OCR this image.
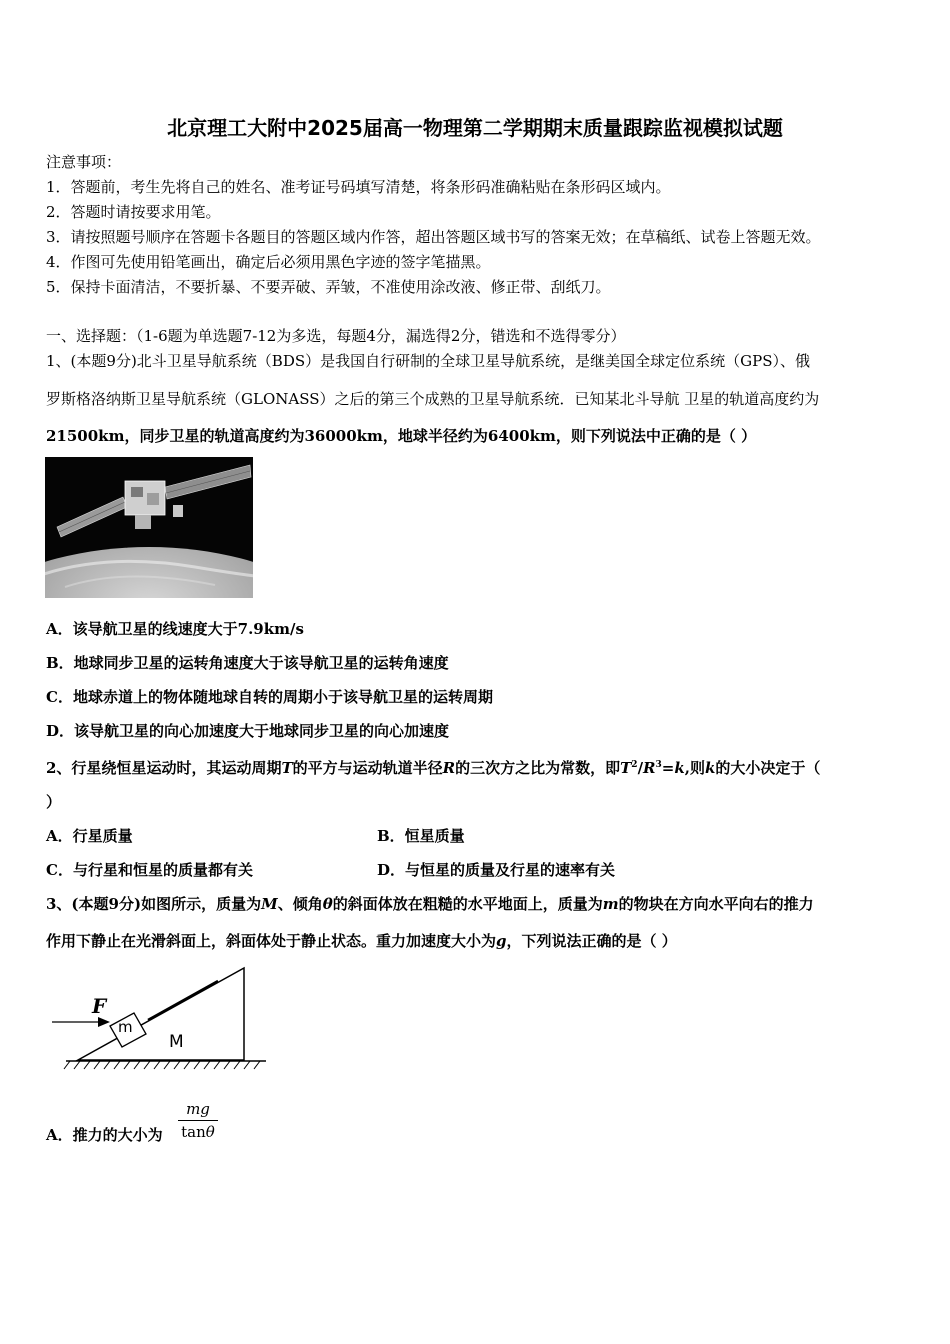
北京理工大附中2025届高一物理第二学期期末质量跟踪监视模拟试题
注意事项：
1．答题前，考生先将自己的姓名、准考证号码填写清楚，将条形码准确粘贴在条形码区域内。
2．答题时请按要求用笔。
3．请按照题号顺序在答题卡各题目的答题区域内作答，超出答题区域书写的答案无效；在草稿纸、试卷上答题无效。
4．作图可先使用铅笔画出，确定后必须用黑色字迹的签字笔描黑。
5．保持卡面清洁，不要折暴、不要弄破、弄皱，不准使用涂改液、修正带、刮纸刀。
一、选择题：（1-6题为单选题7-12为多选，每题4分，漏选得2分，错选和不选得零分）
1、(本题9分)北斗卫星导航系统（BDS）是我国自行研制的全球卫星导航系统，是继美国全球定位系统（GPS）、俄
罗斯格洛纳斯卫星导航系统（GLONASS）之后的第三个成熟的卫星导航系统．已知某北斗导航 卫星的轨道高度约为
21500km，同步卫星的轨道高度约为36000km，地球半径约为6400km，则下列说法中正确的是（ ）
A．该导航卫星的线速度大于7.9km/s
B．地球同步卫星的运转角速度大于该导航卫星的运转角速度
C．地球赤道上的物体随地球自转的周期小于该导航卫星的运转周期
D．该导航卫星的向心加速度大于地球同步卫星的向心加速度
2、行星绕恒星运动时，其运动周期T的平方与运动轨道半径R的三次方之比为常数，即$T^2/R^3=k$,则k的大小决定于（
）
A．行星质量	B．恒星质量
C．与行星和恒星的质量都有关	D．与恒星的质量及行星的速率有关
3、(本题9分)如图所示，质量为M、倾角θ的斜面体放在粗糙的水平地面上，质量为m的物块在方向水平向右的推力
作用下静止在光滑斜面上，斜面体处于静止状态。重力加速度大小为g，下列说法正确的是（ ）
F
m
M
A．推力的大小为 $\frac{mg}{\tan\theta}$
